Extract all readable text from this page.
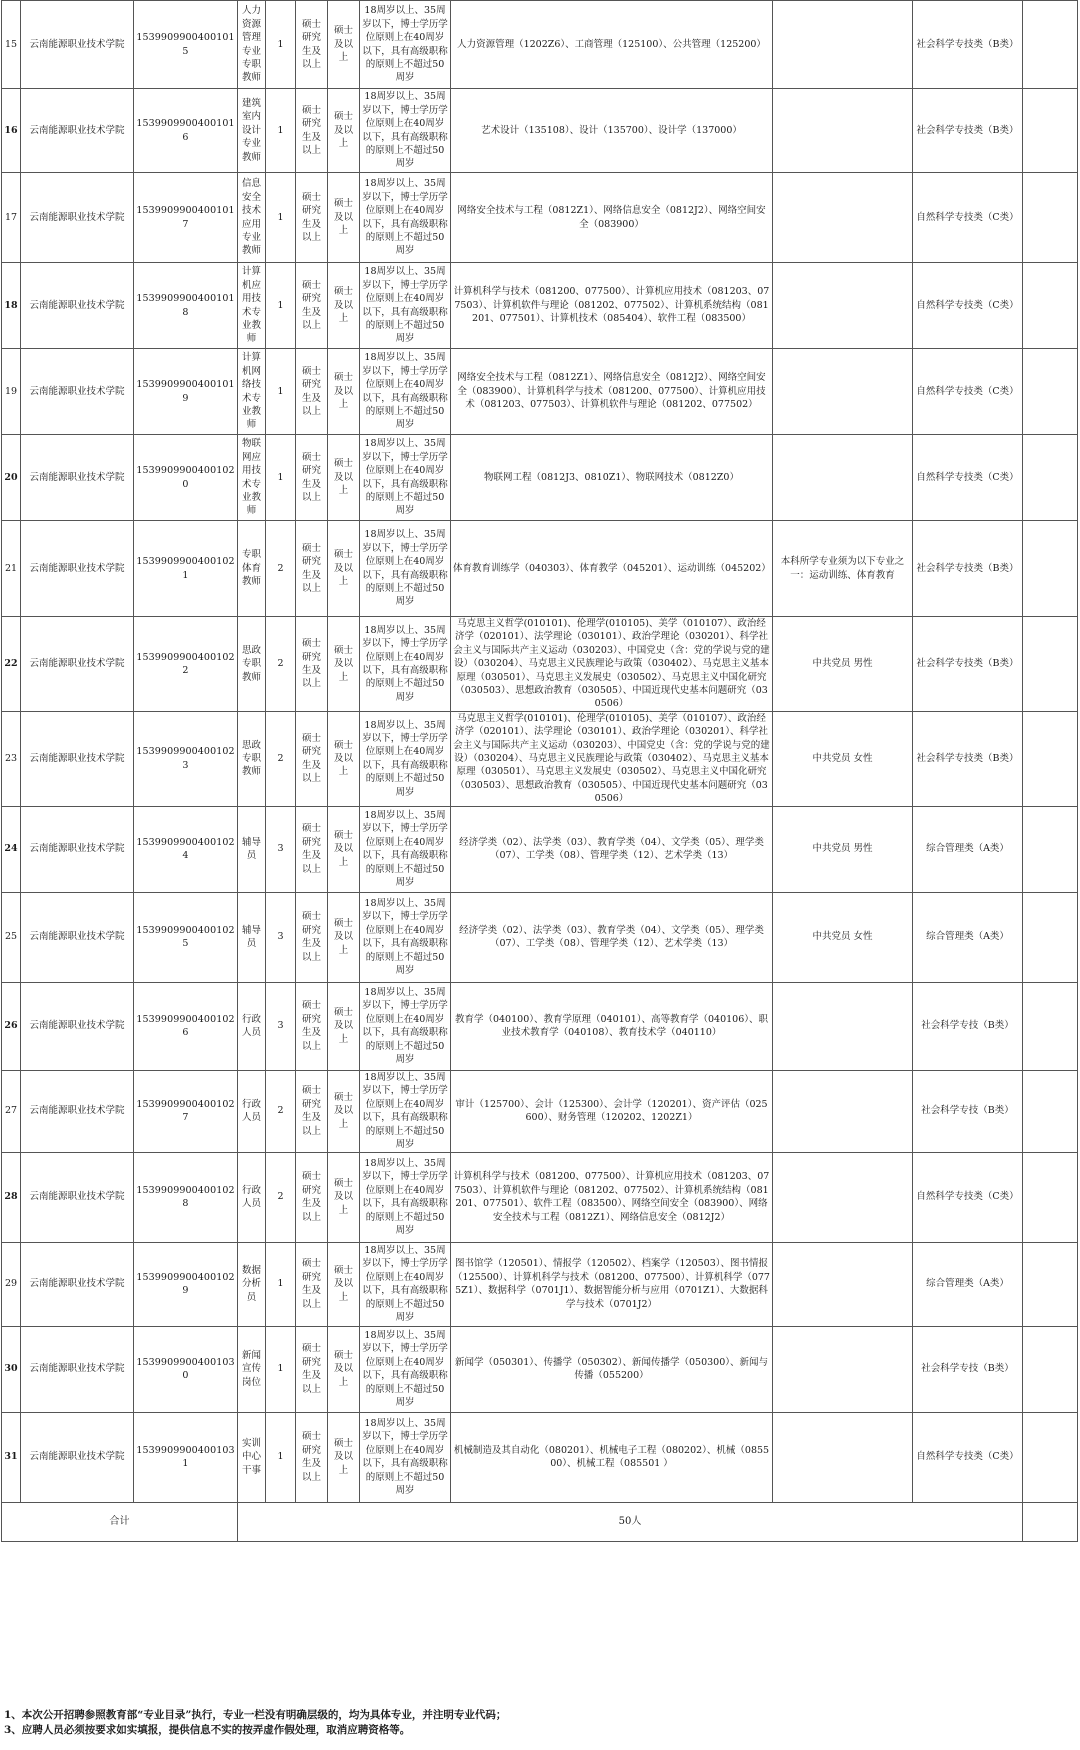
15	云南能源职业技术学院	15399099004001015	人力资源管理专业专职教师	1	硕士研究生及以上	硕士及以上	18周岁以上、35周岁以下，博士学历学位原则上在40周岁以下，具有高级职称的原则上不超过50周岁	人力资源管理（1202Z6）、工商管理（125100）、公共管理（125200）		社会科学专技类（B类）	
16	云南能源职业技术学院	15399099004001016	建筑室内设计专业教师	1	硕士研究生及以上	硕士及以上	18周岁以上、35周岁以下，博士学历学位原则上在40周岁以下，具有高级职称的原则上不超过50周岁	艺术设计（135108）、设计（135700）、设计学（137000）		社会科学专技类（B类）	
17	云南能源职业技术学院	15399099004001017	信息安全技术应用专业教师	1	硕士研究生及以上	硕士及以上	18周岁以上、35周岁以下，博士学历学位原则上在40周岁以下，具有高级职称的原则上不超过50周岁	网络安全技术与工程（0812Z1）、网络信息安全（0812J2）、网络空间安全（083900）		自然科学专技类（C类）	
18	云南能源职业技术学院	15399099004001018	计算机应用技术专业教师	1	硕士研究生及以上	硕士及以上	18周岁以上、35周岁以下，博士学历学位原则上在40周岁以下，具有高级职称的原则上不超过50周岁	计算机科学与技术（081200、077500）、计算机应用技术（081203、077503）、计算机软件与理论（081202、077502）、计算机系统结构（081201、077501）、计算机技术（085404）、软件工程（083500）		自然科学专技类（C类）	
19	云南能源职业技术学院	15399099004001019	计算机网络技术专业教师	1	硕士研究生及以上	硕士及以上	18周岁以上、35周岁以下，博士学历学位原则上在40周岁以下，具有高级职称的原则上不超过50周岁	网络安全技术与工程（0812Z1）、网络信息安全（0812J2）、网络空间安全（083900）、计算机科学与技术（081200、077500）、计算机应用技术（081203、077503）、计算机软件与理论（081202、077502）		自然科学专技类（C类）	
20	云南能源职业技术学院	15399099004001020	物联网应用技术专业教师	1	硕士研究生及以上	硕士及以上	18周岁以上、35周岁以下，博士学历学位原则上在40周岁以下，具有高级职称的原则上不超过50周岁	物联网工程（0812J3、0810Z1）、物联网技术（0812Z0）		自然科学专技类（C类）	
21	云南能源职业技术学院	15399099004001021	专职体育教师	2	硕士研究生及以上	硕士及以上	18周岁以上、35周岁以下，博士学历学位原则上在40周岁以下，具有高级职称的原则上不超过50周岁	体育教育训练学（040303）、体育教学（045201）、运动训练（045202）	本科所学专业须为以下专业之一：运动训练、体育教育	社会科学专技类（B类）	
22	云南能源职业技术学院	15399099004001022	思政专职教师	2	硕士研究生及以上	硕士及以上	18周岁以上、35周岁以下，博士学历学位原则上在40周岁以下，具有高级职称的原则上不超过50周岁	马克思主义哲学(010101)、伦理学(010105)、美学（010107）、政治经济学（020101）、法学理论（030101）、政治学理论（030201）、科学社会主义与国际共产主义运动（030203）、中国党史（含：党的学说与党的建设）（030204）、马克思主义民族理论与政策（030402）、马克思主义基本原理（030501）、马克思主义发展史（030502）、马克思主义中国化研究（030503）、思想政治教育（030505）、中国近现代史基本问题研究（030506）	中共党员 男性	社会科学专技类（B类）	
23	云南能源职业技术学院	15399099004001023	思政专职教师	2	硕士研究生及以上	硕士及以上	18周岁以上、35周岁以下，博士学历学位原则上在40周岁以下，具有高级职称的原则上不超过50周岁	马克思主义哲学(010101)、伦理学(010105)、美学（010107）、政治经济学（020101）、法学理论（030101）、政治学理论（030201）、科学社会主义与国际共产主义运动（030203）、中国党史（含：党的学说与党的建设）（030204）、马克思主义民族理论与政策（030402）、马克思主义基本原理（030501）、马克思主义发展史（030502）、马克思主义中国化研究（030503）、思想政治教育（030505）、中国近现代史基本问题研究（030506）	中共党员 女性	社会科学专技类（B类）	
24	云南能源职业技术学院	15399099004001024	辅导员	3	硕士研究生及以上	硕士及以上	18周岁以上、35周岁以下，博士学历学位原则上在40周岁以下，具有高级职称的原则上不超过50周岁	经济学类（02）、法学类（03）、教育学类（04）、文学类（05）、理学类（07）、工学类（08）、管理学类（12）、艺术学类（13）	中共党员 男性	综合管理类（A类）	
25	云南能源职业技术学院	15399099004001025	辅导员	3	硕士研究生及以上	硕士及以上	18周岁以上、35周岁以下，博士学历学位原则上在40周岁以下，具有高级职称的原则上不超过50周岁	经济学类（02）、法学类（03）、教育学类（04）、文学类（05）、理学类（07）、工学类（08）、管理学类（12）、艺术学类（13）	中共党员 女性	综合管理类（A类）	
26	云南能源职业技术学院	15399099004001026	行政人员	3	硕士研究生及以上	硕士及以上	18周岁以上、35周岁以下，博士学历学位原则上在40周岁以下，具有高级职称的原则上不超过50周岁	教育学（040100）、教育学原理（040101）、高等教育学（040106）、职业技术教育学（040108）、教育技术学（040110）		社会科学专技（B类）	
27	云南能源职业技术学院	15399099004001027	行政人员	2	硕士研究生及以上	硕士及以上	18周岁以上、35周岁以下，博士学历学位原则上在40周岁以下，具有高级职称的原则上不超过50周岁	审计（125700）、会计（125300）、会计学（120201）、资产评估（025600）、财务管理（120202、1202Z1）		社会科学专技（B类）	
28	云南能源职业技术学院	15399099004001028	行政人员	2	硕士研究生及以上	硕士及以上	18周岁以上、35周岁以下，博士学历学位原则上在40周岁以下，具有高级职称的原则上不超过50周岁	计算机科学与技术（081200、077500）、计算机应用技术（081203、077503）、计算机软件与理论（081202、077502）、计算机系统结构（081201、077501）、软件工程（083500）、网络空间安全（083900）、网络安全技术与工程（0812Z1）、网络信息安全（0812J2）		自然科学专技类（C类）	
29	云南能源职业技术学院	15399099004001029	数据分析员	1	硕士研究生及以上	硕士及以上	18周岁以上、35周岁以下，博士学历学位原则上在40周岁以下，具有高级职称的原则上不超过50周岁	图书馆学（120501）、情报学（120502）、档案学（120503）、图书情报（125500）、计算机科学与技术（081200、077500）、计算机科学（0775Z1）、数据科学（0701J1）、数据智能分析与应用（0701Z1）、大数据科学与技术（0701J2）		综合管理类（A类）	
30	云南能源职业技术学院	15399099004001030	新闻宣传岗位	1	硕士研究生及以上	硕士及以上	18周岁以上、35周岁以下，博士学历学位原则上在40周岁以下，具有高级职称的原则上不超过50周岁	新闻学（050301）、传播学（050302）、新闻传播学（050300）、新闻与传播（055200）		社会科学专技（B类）	
31	云南能源职业技术学院	15399099004001031	实训中心干事	1	硕士研究生及以上	硕士及以上	18周岁以上、35周岁以下，博士学历学位原则上在40周岁以下，具有高级职称的原则上不超过50周岁	机械制造及其自动化（080201）、机械电子工程（080202）、机械（085500）、机械工程（085501 ）		自然科学专技类（C类）	
合计			50人								
1、本次公开招聘参照教育部“专业目录”执行，专业一栏没有明确层级的，均为具体专业，并注明专业代码；
3、应聘人员必须按要求如实填报，提供信息不实的按弄虚作假处理，取消应聘资格等。
